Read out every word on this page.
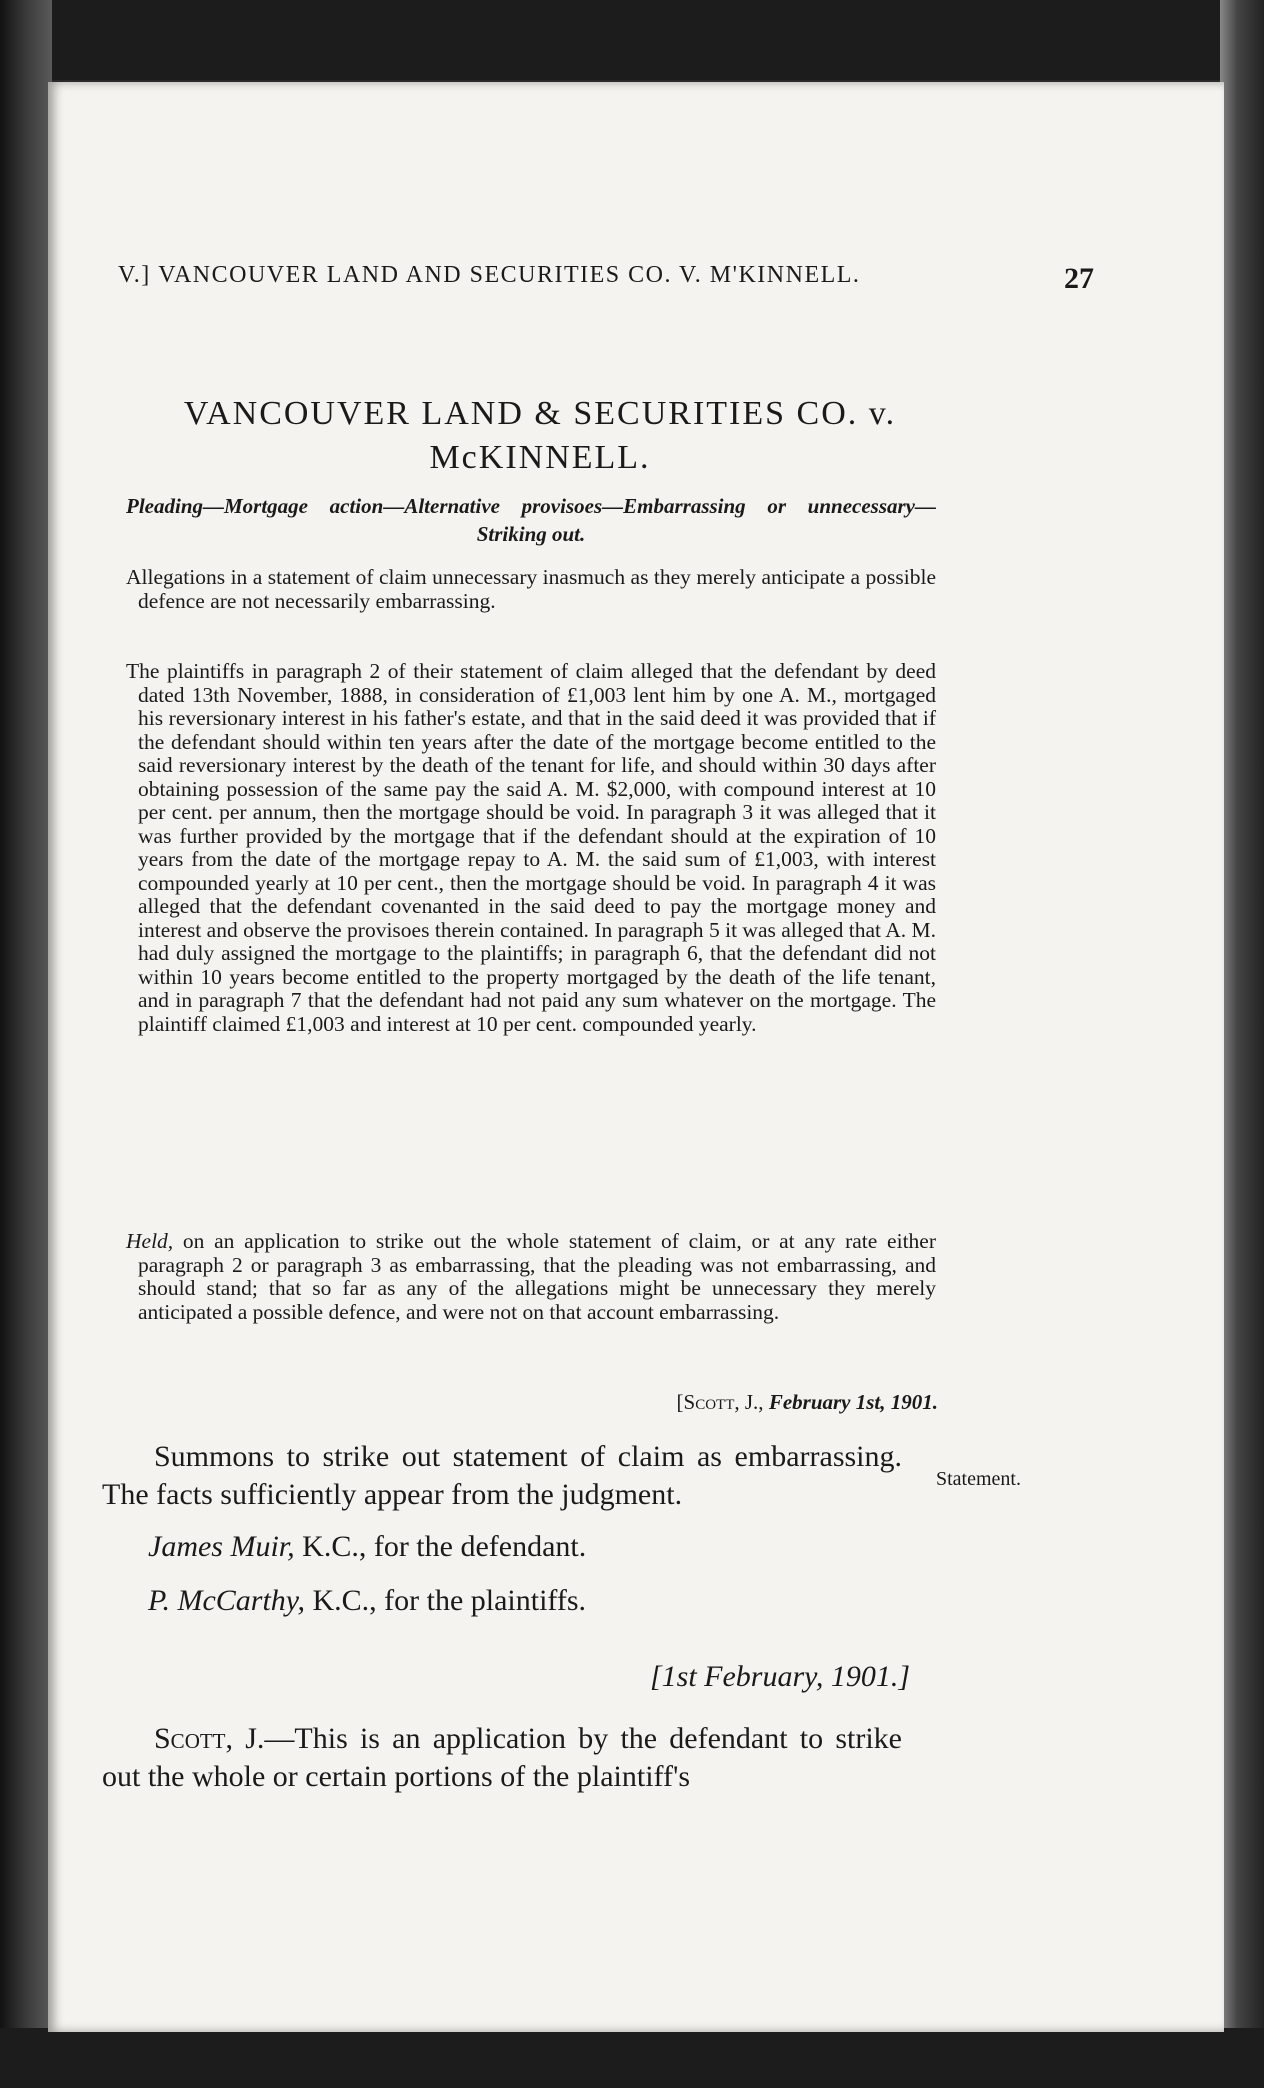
V.] VANCOUVER LAND AND SECURITIES CO. V. M'KINNELL.	27
VANCOUVER LAND & SECURITIES CO. v.
McKINNELL.
Pleading—Mortgage action—Alternative provisoes—Embarrassing or unnecessary—Striking out.
Allegations in a statement of claim unnecessary inasmuch as they merely anticipate a possible defence are not necessarily embarrassing.
The plaintiffs in paragraph 2 of their statement of claim alleged that the defendant by deed dated 13th November, 1888, in consideration of £1,003 lent him by one A. M., mortgaged his reversionary interest in his father's estate, and that in the said deed it was provided that if the defendant should within ten years after the date of the mortgage become entitled to the said reversionary interest by the death of the tenant for life, and should within 30 days after obtaining possession of the same pay the said A. M. $2,000, with compound interest at 10 per cent. per annum, then the mortgage should be void. In paragraph 3 it was alleged that it was further provided by the mortgage that if the defendant should at the expiration of 10 years from the date of the mortgage repay to A. M. the said sum of £1,003, with interest compounded yearly at 10 per cent., then the mortgage should be void. In paragraph 4 it was alleged that the defendant covenanted in the said deed to pay the mortgage money and interest and observe the provisoes therein contained. In paragraph 5 it was alleged that A. M. had duly assigned the mortgage to the plaintiffs; in paragraph 6, that the defendant did not within 10 years become entitled to the property mortgaged by the death of the life tenant, and in paragraph 7 that the defendant had not paid any sum whatever on the mortgage. The plaintiff claimed £1,003 and interest at 10 per cent. compounded yearly.
Held, on an application to strike out the whole statement of claim, or at any rate either paragraph 2 or paragraph 3 as embarrassing, that the pleading was not embarrassing, and should stand; that so far as any of the allegations might be unnecessary they merely anticipated a possible defence, and were not on that account embarrassing.
[Scott, J., February 1st, 1901.
Summons to strike out statement of claim as embarrassing. The facts sufficiently appear from the judgment.	Statement.
James Muir, K.C., for the defendant.
P. McCarthy, K.C., for the plaintiffs.
[1st February, 1901.]
Scott, J.—This is an application by the defendant to strike out the whole or certain portions of the plaintiff's
